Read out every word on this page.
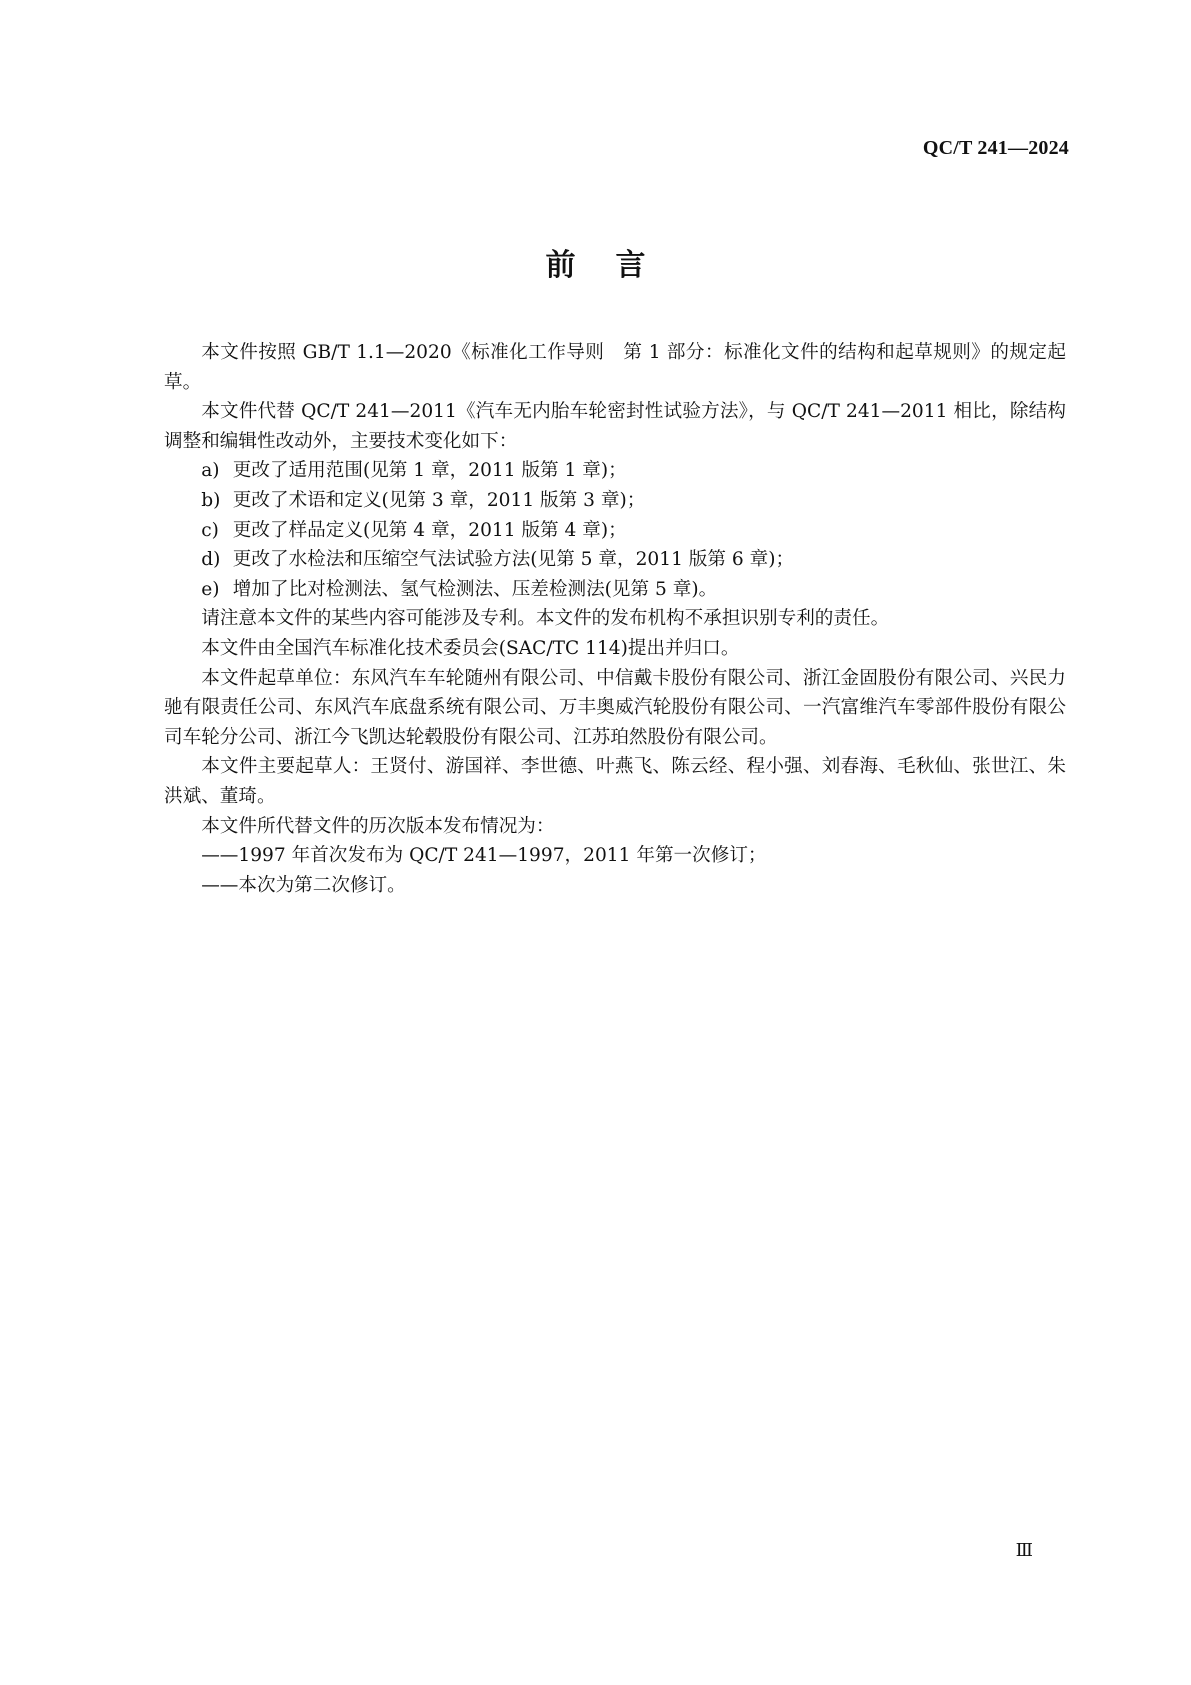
QC/T 241—2024
前言

本文件按照 GB/T 1.1—2020《标准化工作导则　第 1 部分：标准化文件的结构和起草规则》的规定起草。

本文件代替 QC/T 241—2011《汽车无内胎车轮密封性试验方法》，与 QC/T 241—2011 相比，除结构调整和编辑性改动外，主要技术变化如下：

a) 更改了适用范围(见第 1 章，2011 版第 1 章)；

b) 更改了术语和定义(见第 3 章，2011 版第 3 章)；

c) 更改了样品定义(见第 4 章，2011 版第 4 章)；

d) 更改了水检法和压缩空气法试验方法(见第 5 章，2011 版第 6 章)；

e) 增加了比对检测法、氢气检测法、压差检测法(见第 5 章)。

请注意本文件的某些内容可能涉及专利。本文件的发布机构不承担识别专利的责任。

本文件由全国汽车标准化技术委员会(SAC/TC 114)提出并归口。

本文件起草单位：东风汽车车轮随州有限公司、中信戴卡股份有限公司、浙江金固股份有限公司、兴民力驰有限责任公司、东风汽车底盘系统有限公司、万丰奥威汽轮股份有限公司、一汽富维汽车零部件股份有限公司车轮分公司、浙江今飞凯达轮毂股份有限公司、江苏珀然股份有限公司。

本文件主要起草人：王贤付、游国祥、李世德、叶燕飞、陈云经、程小强、刘春海、毛秋仙、张世江、朱洪斌、董琦。

本文件所代替文件的历次版本发布情况为：

——1997 年首次发布为 QC/T 241—1997，2011 年第一次修订；

——本次为第二次修订。

Ⅲ
